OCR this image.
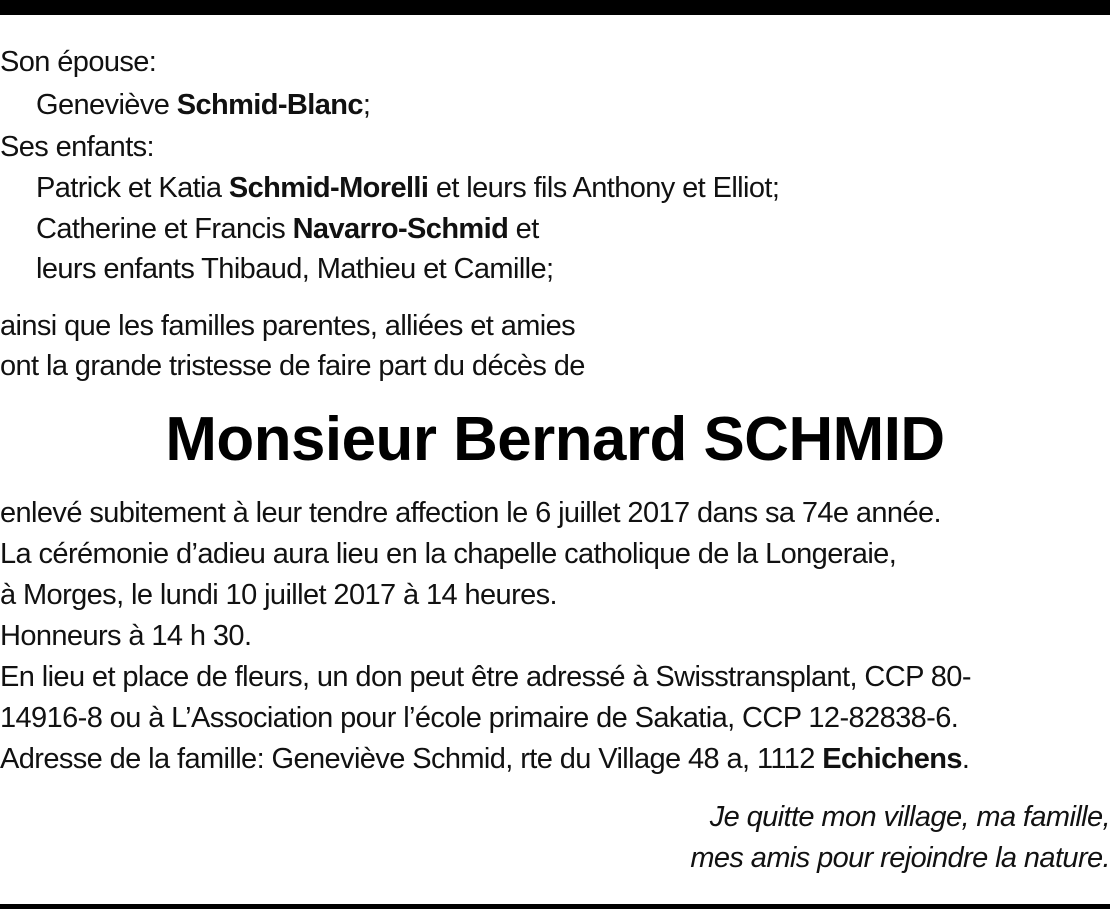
Son épouse:

Geneviève Schmid-Blanc;

Ses enfants:

Patrick et Katia Schmid-Morelli et leurs fils Anthony et Elliot;

Catherine et Francis Navarro-Schmid et

leurs enfants Thibaud, Mathieu et Camille;

ainsi que les familles parentes, alliées et amies

ont la grande tristesse de faire part du décès de

Monsieur Bernard SCHMID

enlevé subitement à leur tendre affection le 6 juillet 2017 dans sa 74e année.

La cérémonie d’adieu aura lieu en la chapelle catholique de la Longeraie,

à Morges, le lundi 10 juillet 2017 à 14 heures.

Honneurs à 14 h 30.

En lieu et place de fleurs, un don peut être adressé à Swisstransplant, CCP 80-

14916-8 ou à L’Association pour l’école primaire de Sakatia, CCP 12-82838-6.

Adresse de la famille: Geneviève Schmid, rte du Village 48 a, 1112 Echichens.

Je quitte mon village, ma famille,

mes amis pour rejoindre la nature.
